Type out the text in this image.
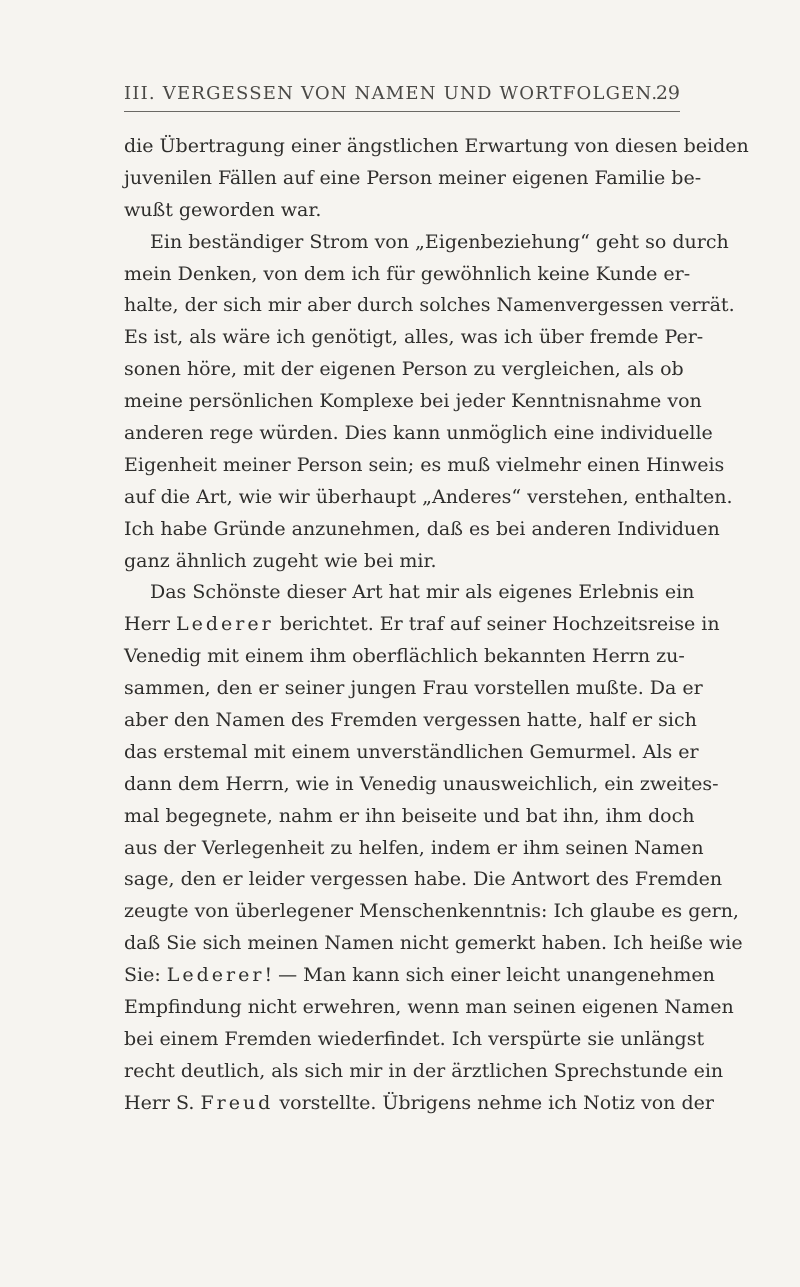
III. VERGESSEN VON NAMEN UND WORTFOLGEN.
29
die Übertragung einer ängstlichen Erwartung von diesen beiden
juvenilen Fällen auf eine Person meiner eigenen Familie be-
wußt geworden war.
Ein beständiger Strom von „Eigenbeziehung“ geht so durch
mein Denken, von dem ich für gewöhnlich keine Kunde er-
halte, der sich mir aber durch solches Namenvergessen verrät.
Es ist, als wäre ich genötigt, alles, was ich über fremde Per-
sonen höre, mit der eigenen Person zu vergleichen, als ob
meine persönlichen Komplexe bei jeder Kenntnisnahme von
anderen rege würden. Dies kann unmöglich eine individuelle
Eigenheit meiner Person sein; es muß vielmehr einen Hinweis
auf die Art, wie wir überhaupt „Anderes“ verstehen, enthalten.
Ich habe Gründe anzunehmen, daß es bei anderen Individuen
ganz ähnlich zugeht wie bei mir.
Das Schönste dieser Art hat mir als eigenes Erlebnis ein
Herr Lederer berichtet. Er traf auf seiner Hochzeitsreise in
Venedig mit einem ihm oberflächlich bekannten Herrn zu-
sammen, den er seiner jungen Frau vorstellen mußte. Da er
aber den Namen des Fremden vergessen hatte, half er sich
das erstemal mit einem unverständlichen Gemurmel. Als er
dann dem Herrn, wie in Venedig unausweichlich, ein zweites-
mal begegnete, nahm er ihn beiseite und bat ihn, ihm doch
aus der Verlegenheit zu helfen, indem er ihm seinen Namen
sage, den er leider vergessen habe. Die Antwort des Fremden
zeugte von überlegener Menschenkenntnis: Ich glaube es gern,
daß Sie sich meinen Namen nicht gemerkt haben. Ich heiße wie
Sie: Lederer! — Man kann sich einer leicht unangenehmen
Empfindung nicht erwehren, wenn man seinen eigenen Namen
bei einem Fremden wiederfindet. Ich verspürte sie unlängst
recht deutlich, als sich mir in der ärztlichen Sprechstunde ein
Herr S. Freud vorstellte. Übrigens nehme ich Notiz von der
